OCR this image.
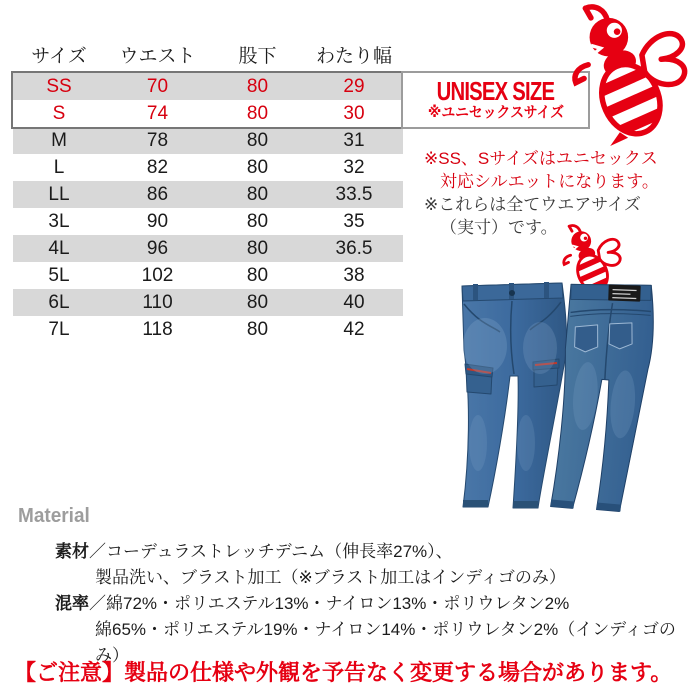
サイズ	ウエスト	股下	わたり幅
SS	70	80	29
S	74	80	30
M	78	80	31
L	82	80	32
LL	86	80	33.5
3L	90	80	35
4L	96	80	36.5
5L	102	80	38
6L	110	80	40
7L	118	80	42
UNISEX SIZE
※ユニセックスサイズ
※SS、Sサイズはユニセックス
対応シルエットになります。
※これらは全てウエアサイズ
（実寸）です。
Material
素材／コーデュラストレッチデニム（伸長率27%）、
製品洗い、ブラスト加工（※ブラスト加工はインディゴのみ）
混率／綿72%・ポリエステル13%・ナイロン13%・ポリウレタン2%
綿65%・ポリエステル19%・ナイロン14%・ポリウレタン2%（インディゴのみ）
【ご注意】製品の仕様や外観を予告なく変更する場合があります。
